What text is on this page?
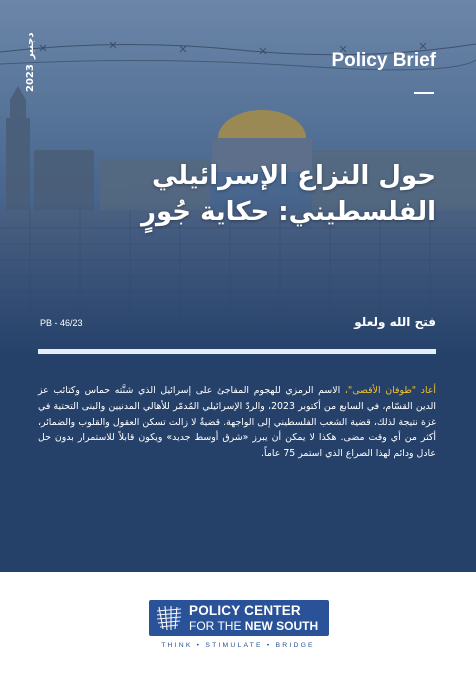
دجنبر2023
Policy Brief
حول النزاع الإسرائيلي
الفلسطيني: حكاية جُورٍ
فتح الله ولعلو
PB - 46/23
أعاد "طوفان الأقصى"، الاسم الرمزي للهجوم المفاجئ على إسرائيل الذي شنَّته حماس وكتائب عز الدين القسّام، في السابع من أكتوبر 2023، والردّ الإسرائيلي المُدمّر للأهالي المدنيين والبنى التحتية في غزة نتيجة لذلك، قضية الشعب الفلسطيني إلى الواجهة. قضيةٌ لا زالت تسكن العقول والقلوب والضمائر، أكثر من أي وقت مضى. هكذا لا يمكن أن يبرز «شرق أوسط جديد» ويكون قابلاً للاستمرار بدون حل عادل ودائم لهذا الصراع الذي استمر 75 عاماً.
POLICY CENTER
FOR THE NEW SOUTH
THINK • STIMULATE • BRIDGE
